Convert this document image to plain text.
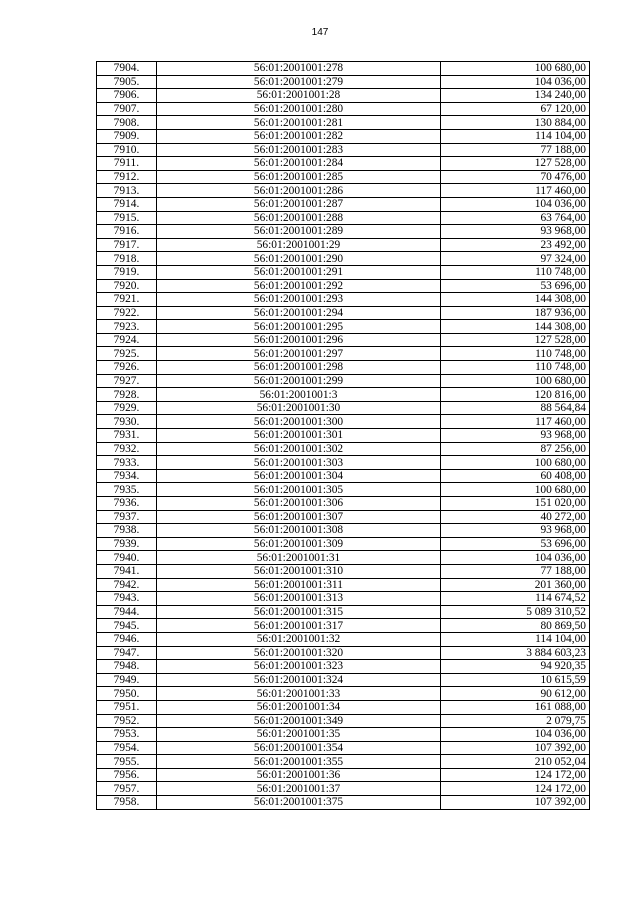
147
7904.	56:01:2001001:278	100 680,00
7905.	56:01:2001001:279	104 036,00
7906.	56:01:2001001:28	134 240,00
7907.	56:01:2001001:280	67 120,00
7908.	56:01:2001001:281	130 884,00
7909.	56:01:2001001:282	114 104,00
7910.	56:01:2001001:283	77 188,00
7911.	56:01:2001001:284	127 528,00
7912.	56:01:2001001:285	70 476,00
7913.	56:01:2001001:286	117 460,00
7914.	56:01:2001001:287	104 036,00
7915.	56:01:2001001:288	63 764,00
7916.	56:01:2001001:289	93 968,00
7917.	56:01:2001001:29	23 492,00
7918.	56:01:2001001:290	97 324,00
7919.	56:01:2001001:291	110 748,00
7920.	56:01:2001001:292	53 696,00
7921.	56:01:2001001:293	144 308,00
7922.	56:01:2001001:294	187 936,00
7923.	56:01:2001001:295	144 308,00
7924.	56:01:2001001:296	127 528,00
7925.	56:01:2001001:297	110 748,00
7926.	56:01:2001001:298	110 748,00
7927.	56:01:2001001:299	100 680,00
7928.	56:01:2001001:3	120 816,00
7929.	56:01:2001001:30	88 564,84
7930.	56:01:2001001:300	117 460,00
7931.	56:01:2001001:301	93 968,00
7932.	56:01:2001001:302	87 256,00
7933.	56:01:2001001:303	100 680,00
7934.	56:01:2001001:304	60 408,00
7935.	56:01:2001001:305	100 680,00
7936.	56:01:2001001:306	151 020,00
7937.	56:01:2001001:307	40 272,00
7938.	56:01:2001001:308	93 968,00
7939.	56:01:2001001:309	53 696,00
7940.	56:01:2001001:31	104 036,00
7941.	56:01:2001001:310	77 188,00
7942.	56:01:2001001:311	201 360,00
7943.	56:01:2001001:313	114 674,52
7944.	56:01:2001001:315	5 089 310,52
7945.	56:01:2001001:317	80 869,50
7946.	56:01:2001001:32	114 104,00
7947.	56:01:2001001:320	3 884 603,23
7948.	56:01:2001001:323	94 920,35
7949.	56:01:2001001:324	10 615,59
7950.	56:01:2001001:33	90 612,00
7951.	56:01:2001001:34	161 088,00
7952.	56:01:2001001:349	2 079,75
7953.	56:01:2001001:35	104 036,00
7954.	56:01:2001001:354	107 392,00
7955.	56:01:2001001:355	210 052,04
7956.	56:01:2001001:36	124 172,00
7957.	56:01:2001001:37	124 172,00
7958.	56:01:2001001:375	107 392,00
